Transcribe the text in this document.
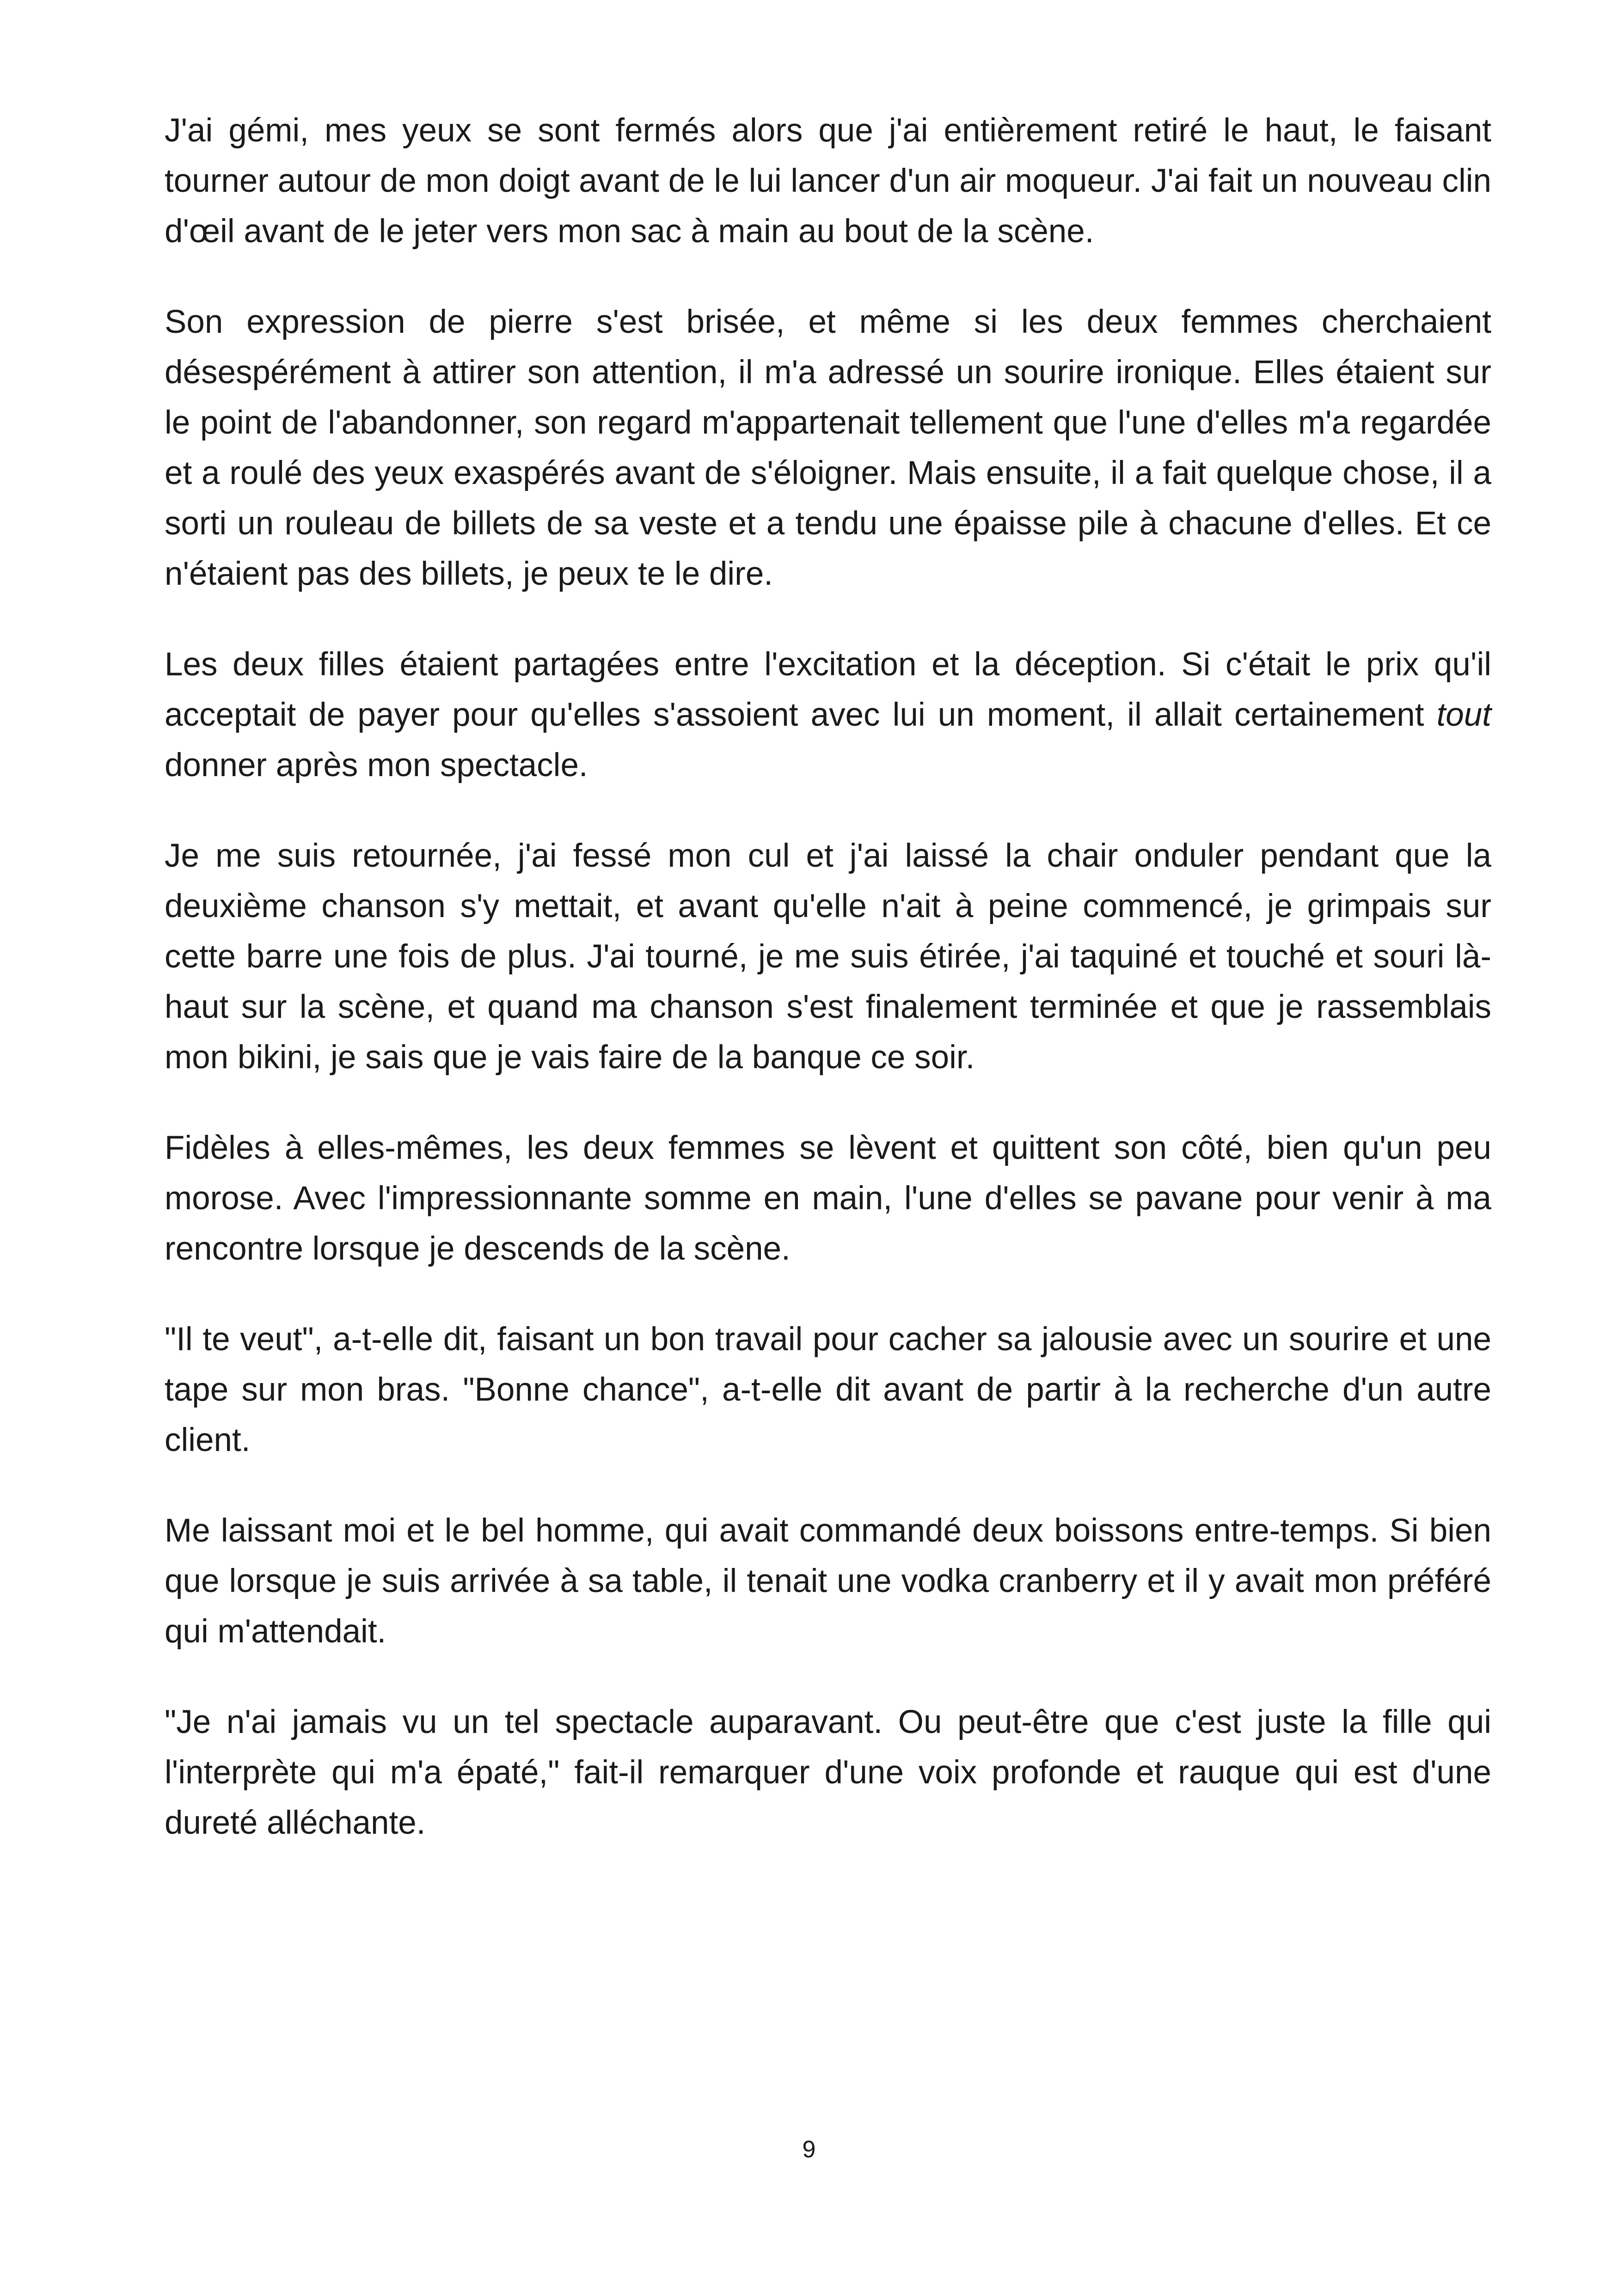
J'ai gémi, mes yeux se sont fermés alors que j'ai entièrement retiré le haut, le faisant tourner autour de mon doigt avant de le lui lancer d'un air moqueur. J'ai fait un nouveau clin d'œil avant de le jeter vers mon sac à main au bout de la scène.

Son expression de pierre s'est brisée, et même si les deux femmes cherchaient désespérément à attirer son attention, il m'a adressé un sourire ironique. Elles étaient sur le point de l'abandonner, son regard m'appartenait tellement que l'une d'elles m'a regardée et a roulé des yeux exaspérés avant de s'éloigner. Mais ensuite, il a fait quelque chose, il a sorti un rouleau de billets de sa veste et a tendu une épaisse pile à chacune d'elles. Et ce n'étaient pas des billets, je peux te le dire.

Les deux filles étaient partagées entre l'excitation et la déception. Si c'était le prix qu'il acceptait de payer pour qu'elles s'assoient avec lui un moment, il allait certainement tout donner après mon spectacle.

Je me suis retournée, j'ai fessé mon cul et j'ai laissé la chair onduler pendant que la deuxième chanson s'y mettait, et avant qu'elle n'ait à peine commencé, je grimpais sur cette barre une fois de plus. J'ai tourné, je me suis étirée, j'ai taquiné et touché et souri là-haut sur la scène, et quand ma chanson s'est finalement terminée et que je rassemblais mon bikini, je sais que je vais faire de la banque ce soir.

Fidèles à elles-mêmes, les deux femmes se lèvent et quittent son côté, bien qu'un peu morose. Avec l'impressionnante somme en main, l'une d'elles se pavane pour venir à ma rencontre lorsque je descends de la scène.

"Il te veut", a-t-elle dit, faisant un bon travail pour cacher sa jalousie avec un sourire et une tape sur mon bras. "Bonne chance", a-t-elle dit avant de partir à la recherche d'un autre client.

Me laissant moi et le bel homme, qui avait commandé deux boissons entre-temps. Si bien que lorsque je suis arrivée à sa table, il tenait une vodka cranberry et il y avait mon préféré qui m'attendait.

"Je n'ai jamais vu un tel spectacle auparavant. Ou peut-être que c'est juste la fille qui l'interprète qui m'a épaté," fait-il remarquer d'une voix profonde et rauque qui est d'une dureté alléchante.

9
